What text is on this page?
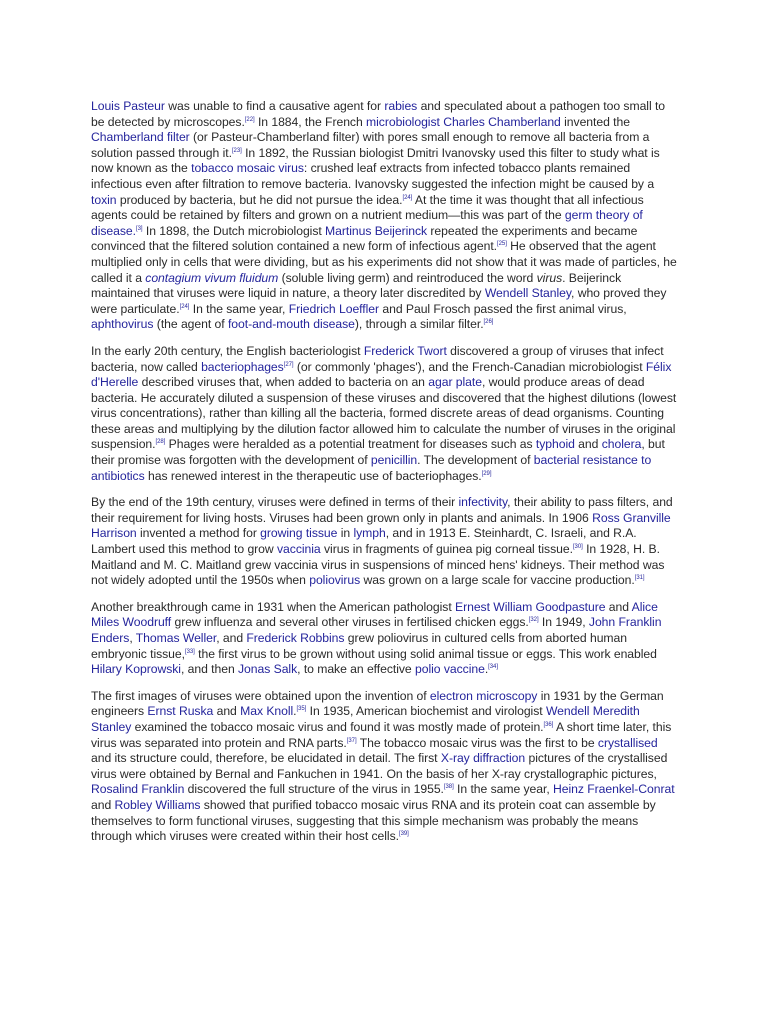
Louis Pasteur was unable to find a causative agent for rabies and speculated about a pathogen too small to be detected by microscopes.[22] In 1884, the French microbiologist Charles Chamberland invented the Chamberland filter (or Pasteur-Chamberland filter) with pores small enough to remove all bacteria from a solution passed through it.[23] In 1892, the Russian biologist Dmitri Ivanovsky used this filter to study what is now known as the tobacco mosaic virus: crushed leaf extracts from infected tobacco plants remained infectious even after filtration to remove bacteria. Ivanovsky suggested the infection might be caused by a toxin produced by bacteria, but he did not pursue the idea.[24] At the time it was thought that all infectious agents could be retained by filters and grown on a nutrient medium—this was part of the germ theory of disease.[3] In 1898, the Dutch microbiologist Martinus Beijerinck repeated the experiments and became convinced that the filtered solution contained a new form of infectious agent.[25] He observed that the agent multiplied only in cells that were dividing, but as his experiments did not show that it was made of particles, he called it a contagium vivum fluidum (soluble living germ) and reintroduced the word virus. Beijerinck maintained that viruses were liquid in nature, a theory later discredited by Wendell Stanley, who proved they were particulate.[24] In the same year, Friedrich Loeffler and Paul Frosch passed the first animal virus, aphthovirus (the agent of foot-and-mouth disease), through a similar filter.[26]

In the early 20th century, the English bacteriologist Frederick Twort discovered a group of viruses that infect bacteria, now called bacteriophages[27] (or commonly 'phages'), and the French-Canadian microbiologist Félix d'Herelle described viruses that, when added to bacteria on an agar plate, would produce areas of dead bacteria. He accurately diluted a suspension of these viruses and discovered that the highest dilutions (lowest virus concentrations), rather than killing all the bacteria, formed discrete areas of dead organisms. Counting these areas and multiplying by the dilution factor allowed him to calculate the number of viruses in the original suspension.[28] Phages were heralded as a potential treatment for diseases such as typhoid and cholera, but their promise was forgotten with the development of penicillin. The development of bacterial resistance to antibiotics has renewed interest in the therapeutic use of bacteriophages.[29]

By the end of the 19th century, viruses were defined in terms of their infectivity, their ability to pass filters, and their requirement for living hosts. Viruses had been grown only in plants and animals. In 1906 Ross Granville Harrison invented a method for growing tissue in lymph, and in 1913 E. Steinhardt, C. Israeli, and R.A. Lambert used this method to grow vaccinia virus in fragments of guinea pig corneal tissue.[30] In 1928, H. B. Maitland and M. C. Maitland grew vaccinia virus in suspensions of minced hens' kidneys. Their method was not widely adopted until the 1950s when poliovirus was grown on a large scale for vaccine production.[31]

Another breakthrough came in 1931 when the American pathologist Ernest William Goodpasture and Alice Miles Woodruff grew influenza and several other viruses in fertilised chicken eggs.[32] In 1949, John Franklin Enders, Thomas Weller, and Frederick Robbins grew poliovirus in cultured cells from aborted human embryonic tissue,[33] the first virus to be grown without using solid animal tissue or eggs. This work enabled Hilary Koprowski, and then Jonas Salk, to make an effective polio vaccine.[34]

The first images of viruses were obtained upon the invention of electron microscopy in 1931 by the German engineers Ernst Ruska and Max Knoll.[35] In 1935, American biochemist and virologist Wendell Meredith Stanley examined the tobacco mosaic virus and found it was mostly made of protein.[36] A short time later, this virus was separated into protein and RNA parts.[37] The tobacco mosaic virus was the first to be crystallised and its structure could, therefore, be elucidated in detail. The first X-ray diffraction pictures of the crystallised virus were obtained by Bernal and Fankuchen in 1941. On the basis of her X-ray crystallographic pictures, Rosalind Franklin discovered the full structure of the virus in 1955.[38] In the same year, Heinz Fraenkel-Conrat and Robley Williams showed that purified tobacco mosaic virus RNA and its protein coat can assemble by themselves to form functional viruses, suggesting that this simple mechanism was probably the means through which viruses were created within their host cells.[39]
